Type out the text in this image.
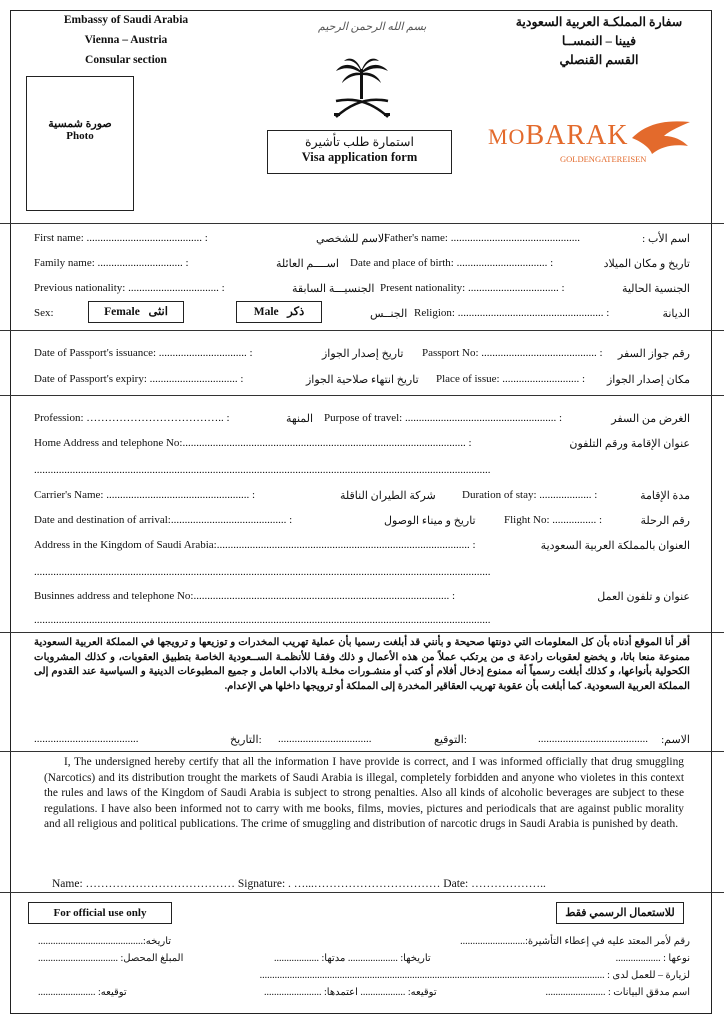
Embassy of Saudi Arabia
Vienna – Austria
Consular section
سفارة المملكـة العربية السعودية
فيينا – النمســا
القسم القنصلي
بسم الله الرحمن الرحيم
صورة شمسية
Photo	استمارة طلب تأشيرة
Visa application form
MOBARAK
GOLDENGATEREISEN
First name: .......................................... :	الاسم للشخصي
Father's name: ...............................................	اسم الأب :
Family name: ............................... :	اســــم العائلة Date and place of birth: ................................. :	تاريخ و مكان الميلاد
Previous nationality: ................................. :	الجنسيـــة السابقة Present nationality: ................................. :	الجنسية الحالية
Sex:	الجنــس Religion: ..................................................... :	الديانة
Female انثى	Male ذكر
Date of Passport's issuance: ................................ :	تاريخ إصدار الجواز Passport No: .......................................... : رقم جواز السفر
Date of Passport's expiry: ................................ :	تاريخ انتهاء صلاحية الجواز Place of issue: ............................ : مكان إصدار الجواز
Profession: ……………………………….. :	المنهة Purpose of travel: ....................................................... :	الغرض من السفر
Home Address and telephone No:....................................................................................................... :	عنوان الإقامة ورقم التلفون
......................................................................................................................................................................
Carrier's Name: .................................................... :	شركة الطيران الناقلة Duration of stay: ................... :	مدة الإقامة
Date and destination of arrival:.......................................... :	تاريخ و ميناء الوصول	Flight No: ................ :	رقم الرحلة
Address in the Kingdom of Saudi Arabia:............................................................................................ :	العنوان بالمملكة العربية السعودية
......................................................................................................................................................................
Businnes address and telephone No:............................................................................................. :	عنوان و تلفون العمل
......................................................................................................................................................................
أقر أنا الموقع أدناه بأن كل المعلومات التي دونتها صحيحة و بأنني قد أبلغت رسميا بأن عملية تهريب المخدرات و توزيعها و ترويجها في المملكة العربية السعودية ممنوعة منعا باتا، و يخضع لعقوبات رادعة ى من يرتكب عملاً من هذه الأعمال و ذلك وفقـا للأنظمـة الســعودية الخاصة بتطبيق العقوبات، و كذلك المشروبات الكحولية بأنواعها، و كذلك أبلغت رسمياً أنه ممنوع إدخال أفلام أو كتب أو منشـورات مخلـة بالاداب العامل و جميع المطبوعات الدينية و السياسية عند القدوم إلى المملكة العربية السعودية. كما أبلغت بأن عقوبة تهريب العقاقير المخدرة إلى المملكة أو ترويجها داخلها هي الإعدام.
الاسم:
........................................
التوقيع:
..................................
التاريخ:
......................................
I, The undersigned hereby certify that all the information I have provide is correct, and I was informed officially that drug smuggling (Narcotics) and its distribution trought the markets of Saudi Arabia is illegal, completely forbidden and anyone who violetes in this context the rules and laws of the Kingdom of Saudi Arabia is subject to strong penalties. Also all kinds of alcoholic beverages are subject to these regulations. I have also been informed not to carry with me books, films, movies, pictures and periodicals that are against public morality and all religious and political publications. The crime of smuggling and distribution of narcotic drugs in Saudi Arabia is punished by death.
Name: ………………………………… Signature: . …...…………………………… Date: ………………..
For official use only	للاستعمال الرسمي فقط
رقم لأمر المعتد عليه في إعطاء التأشيرة:..........................
تاريخه:..........................................
نوعها : ..................
تاريخها: .................... مدتها: ..................
المبلغ المحصل: ................................
لزيارة – للعمل لدى : ..........................................................................................................................................
اسم مدقق البيانات : ........................
توقيعه: .................. اعتمدها: .......................
توقيعه: .......................
